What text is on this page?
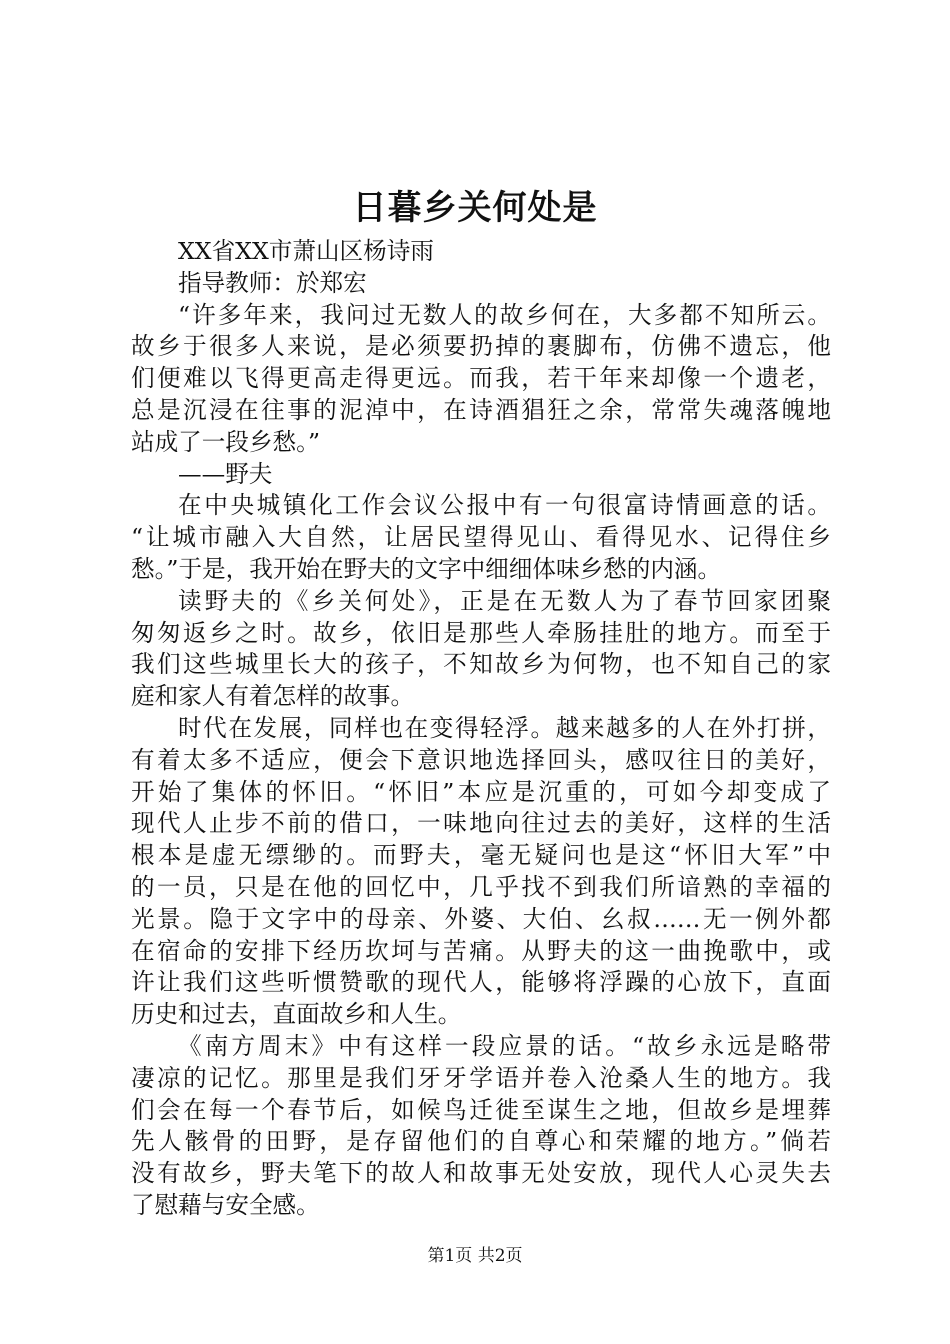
日暮乡关何处是
XX省XX市萧山区杨诗雨
指导教师：於郑宏
“许多年来，我问过无数人的故乡何在，大多都不知所云。
故乡于很多人来说，是必须要扔掉的裹脚布，仿佛不遗忘，他
们便难以飞得更高走得更远。而我，若干年来却像一个遗老，
总是沉浸在往事的泥淖中，在诗酒猖狂之余，常常失魂落魄地
站成了一段乡愁。”
——野夫
在中央城镇化工作会议公报中有一句很富诗情画意的话。
“让城市融入大自然，让居民望得见山、看得见水、记得住乡
愁。”于是，我开始在野夫的文字中细细体味乡愁的内涵。
读野夫的《乡关何处》，正是在无数人为了春节回家团聚
匆匆返乡之时。故乡，依旧是那些人牵肠挂肚的地方。而至于
我们这些城里长大的孩子，不知故乡为何物，也不知自己的家
庭和家人有着怎样的故事。
时代在发展，同样也在变得轻浮。越来越多的人在外打拼，
有着太多不适应，便会下意识地选择回头，感叹往日的美好，
开始了集体的怀旧。“怀旧”本应是沉重的，可如今却变成了
现代人止步不前的借口，一味地向往过去的美好，这样的生活
根本是虚无缥缈的。而野夫，毫无疑问也是这“怀旧大军”中
的一员，只是在他的回忆中，几乎找不到我们所谙熟的幸福的
光景。隐于文字中的母亲、外婆、大伯、幺叔……无一例外都
在宿命的安排下经历坎坷与苦痛。从野夫的这一曲挽歌中，或
许让我们这些听惯赞歌的现代人，能够将浮躁的心放下，直面
历史和过去，直面故乡和人生。
《南方周末》中有这样一段应景的话。“故乡永远是略带
凄凉的记忆。那里是我们牙牙学语并卷入沧桑人生的地方。我
们会在每一个春节后，如候鸟迁徙至谋生之地，但故乡是埋葬
先人骸骨的田野，是存留他们的自尊心和荣耀的地方。”倘若
没有故乡，野夫笔下的故人和故事无处安放，现代人心灵失去
了慰藉与安全感。
第1页 共2页
